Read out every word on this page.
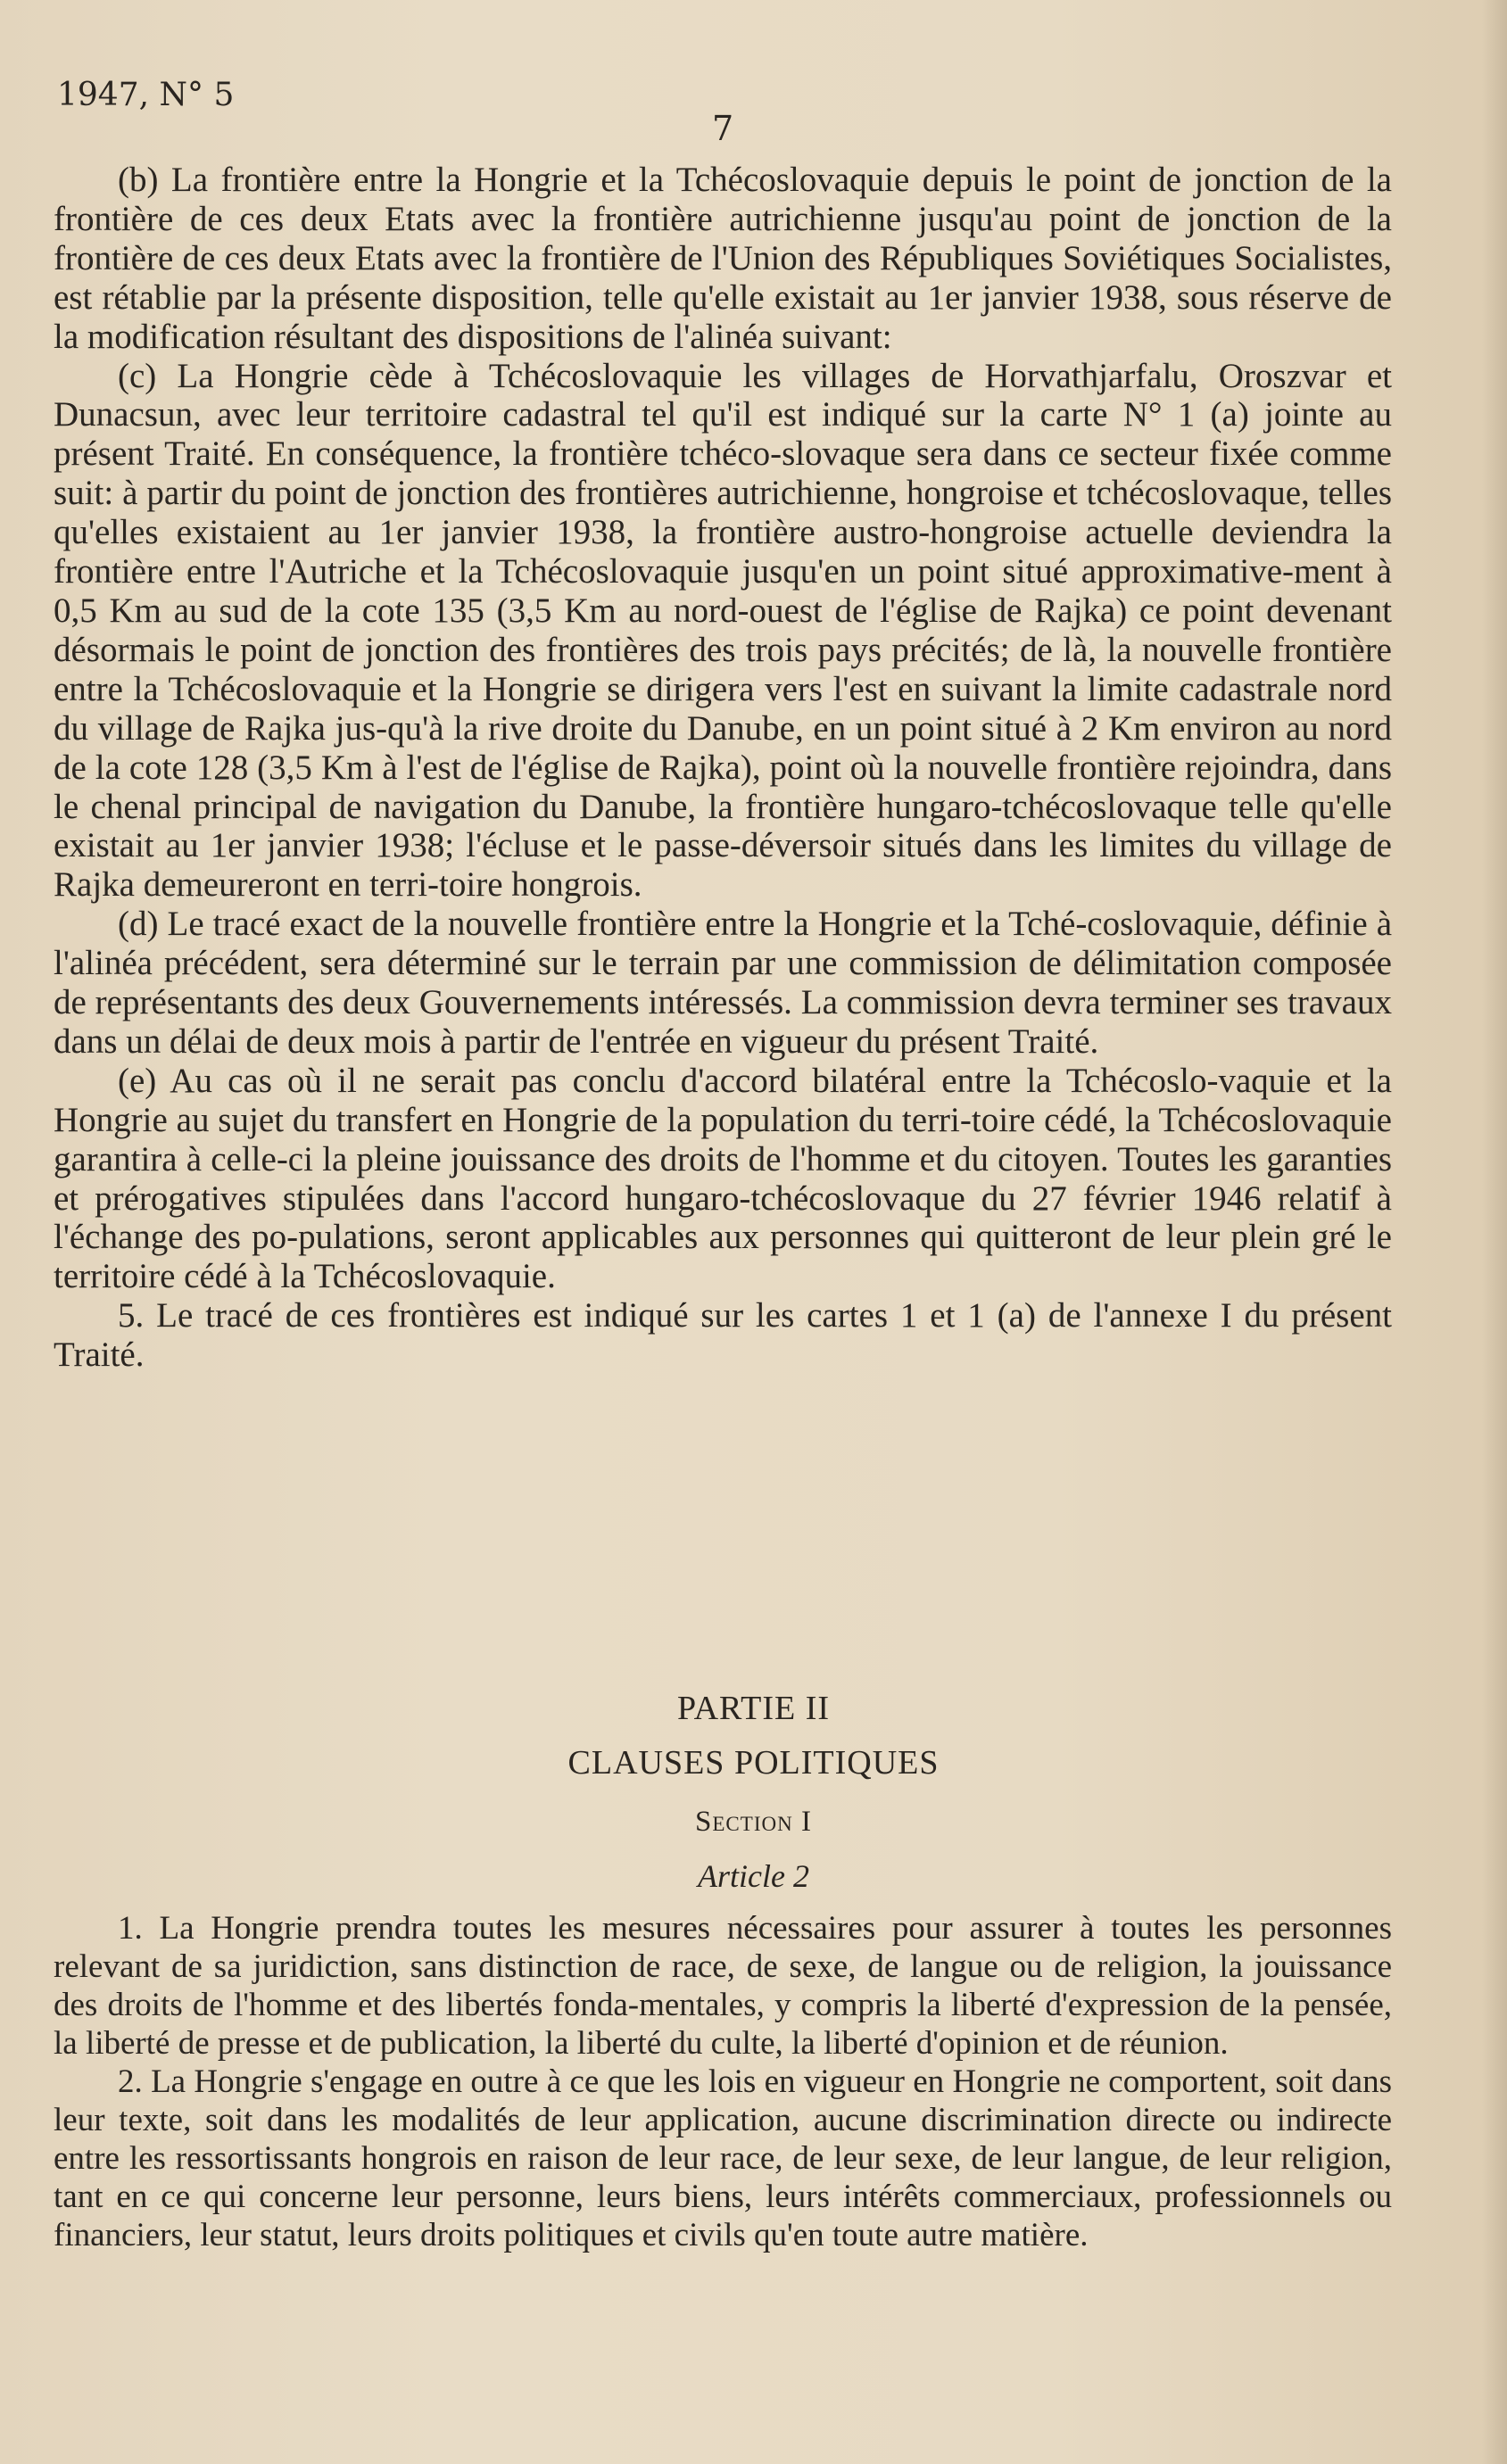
1947, N° 5
7

(b) La frontière entre la Hongrie et la Tchécoslovaquie depuis le point de jonction de la frontière de ces deux Etats avec la frontière autrichienne jusqu'au point de jonction de la frontière de ces deux Etats avec la frontière de l'Union des Républiques Soviétiques Socialistes, est rétablie par la présente disposition, telle qu'elle existait au 1er janvier 1938, sous réserve de la modification résultant des dispositions de l'alinéa suivant:

(c) La Hongrie cède à Tchécoslovaquie les villages de Horvathjarfalu, Oroszvar et Dunacsun, avec leur territoire cadastral tel qu'il est indiqué sur la carte N° 1 (a) jointe au présent Traité. En conséquence, la frontière tchéco-slovaque sera dans ce secteur fixée comme suit: à partir du point de jonction des frontières autrichienne, hongroise et tchécoslovaque, telles qu'elles existaient au 1er janvier 1938, la frontière austro-hongroise actuelle deviendra la frontière entre l'Autriche et la Tchécoslovaquie jusqu'en un point situé approximative-ment à 0,5 Km au sud de la cote 135 (3,5 Km au nord-ouest de l'église de Rajka) ce point devenant désormais le point de jonction des frontières des trois pays précités; de là, la nouvelle frontière entre la Tchécoslovaquie et la Hongrie se dirigera vers l'est en suivant la limite cadastrale nord du village de Rajka jus-qu'à la rive droite du Danube, en un point situé à 2 Km environ au nord de la cote 128 (3,5 Km à l'est de l'église de Rajka), point où la nouvelle frontière rejoindra, dans le chenal principal de navigation du Danube, la frontière hungaro-tchécoslovaque telle qu'elle existait au 1er janvier 1938; l'écluse et le passe-déversoir situés dans les limites du village de Rajka demeureront en terri-toire hongrois.

(d) Le tracé exact de la nouvelle frontière entre la Hongrie et la Tché-coslovaquie, définie à l'alinéa précédent, sera déterminé sur le terrain par une commission de délimitation composée de représentants des deux Gouvernements intéressés. La commission devra terminer ses travaux dans un délai de deux mois à partir de l'entrée en vigueur du présent Traité.

(e) Au cas où il ne serait pas conclu d'accord bilatéral entre la Tchécoslo-vaquie et la Hongrie au sujet du transfert en Hongrie de la population du terri-toire cédé, la Tchécoslovaquie garantira à celle-ci la pleine jouissance des droits de l'homme et du citoyen. Toutes les garanties et prérogatives stipulées dans l'accord hungaro-tchécoslovaque du 27 février 1946 relatif à l'échange des po-pulations, seront applicables aux personnes qui quitteront de leur plein gré le territoire cédé à la Tchécoslovaquie.

5. Le tracé de ces frontières est indiqué sur les cartes 1 et 1 (a) de l'annexe I du présent Traité.

PARTIE II
CLAUSES POLITIQUES
Section I
Article 2

1. La Hongrie prendra toutes les mesures nécessaires pour assurer à toutes les personnes relevant de sa juridiction, sans distinction de race, de sexe, de langue ou de religion, la jouissance des droits de l'homme et des libertés fonda-mentales, y compris la liberté d'expression de la pensée, la liberté de presse et de publication, la liberté du culte, la liberté d'opinion et de réunion.

2. La Hongrie s'engage en outre à ce que les lois en vigueur en Hongrie ne comportent, soit dans leur texte, soit dans les modalités de leur application, aucune discrimination directe ou indirecte entre les ressortissants hongrois en raison de leur race, de leur sexe, de leur langue, de leur religion, tant en ce qui concerne leur personne, leurs biens, leurs intérêts commerciaux, professionnels ou financiers, leur statut, leurs droits politiques et civils qu'en toute autre matière.
